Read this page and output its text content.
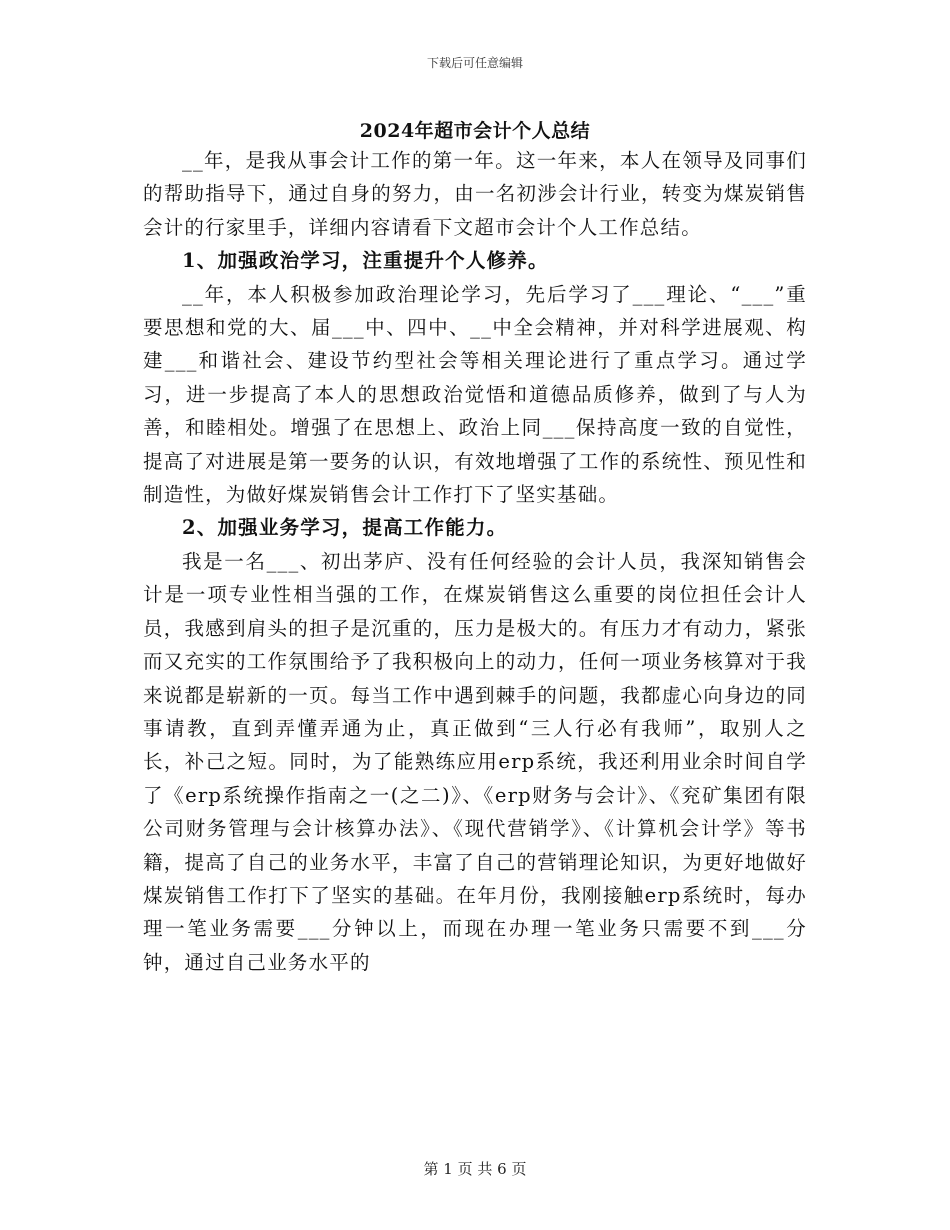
下载后可任意编辑
2024年超市会计个人总结

__年，是我从事会计工作的第一年。这一年来，本人在领导及同事们的帮助指导下，通过自身的努力，由一名初涉会计行业，转变为煤炭销售会计的行家里手，详细内容请看下文超市会计个人工作总结。

1、加强政治学习，注重提升个人修养。

__年，本人积极参加政治理论学习，先后学习了___理论、“___”重要思想和党的大、届___中、四中、__中全会精神，并对科学进展观、构建___和谐社会、建设节约型社会等相关理论进行了重点学习。通过学习，进一步提高了本人的思想政治觉悟和道德品质修养，做到了与人为善，和睦相处。增强了在思想上、政治上同___保持高度一致的自觉性，提高了对进展是第一要务的认识，有效地增强了工作的系统性、预见性和制造性，为做好煤炭销售会计工作打下了坚实基础。

2、加强业务学习，提高工作能力。

我是一名___、初出茅庐、没有任何经验的会计人员，我深知销售会计是一项专业性相当强的工作，在煤炭销售这么重要的岗位担任会计人员，我感到肩头的担子是沉重的，压力是极大的。有压力才有动力，紧张而又充实的工作氛围给予了我积极向上的动力，任何一项业务核算对于我来说都是崭新的一页。每当工作中遇到棘手的问题，我都虚心向身边的同事请教，直到弄懂弄通为止，真正做到“三人行必有我师”，取别人之长，补己之短。同时，为了能熟练应用erp系统，我还利用业余时间自学了《erp系统操作指南之一(之二)》、《erp财务与会计》、《兖矿集团有限公司财务管理与会计核算办法》、《现代营销学》、《计算机会计学》等书籍，提高了自己的业务水平，丰富了自己的营销理论知识，为更好地做好煤炭销售工作打下了坚实的基础。在年月份，我刚接触erp系统时，每办理一笔业务需要___分钟以上，而现在办理一笔业务只需要不到___分钟，通过自己业务水平的

第 1 页 共 6 页
